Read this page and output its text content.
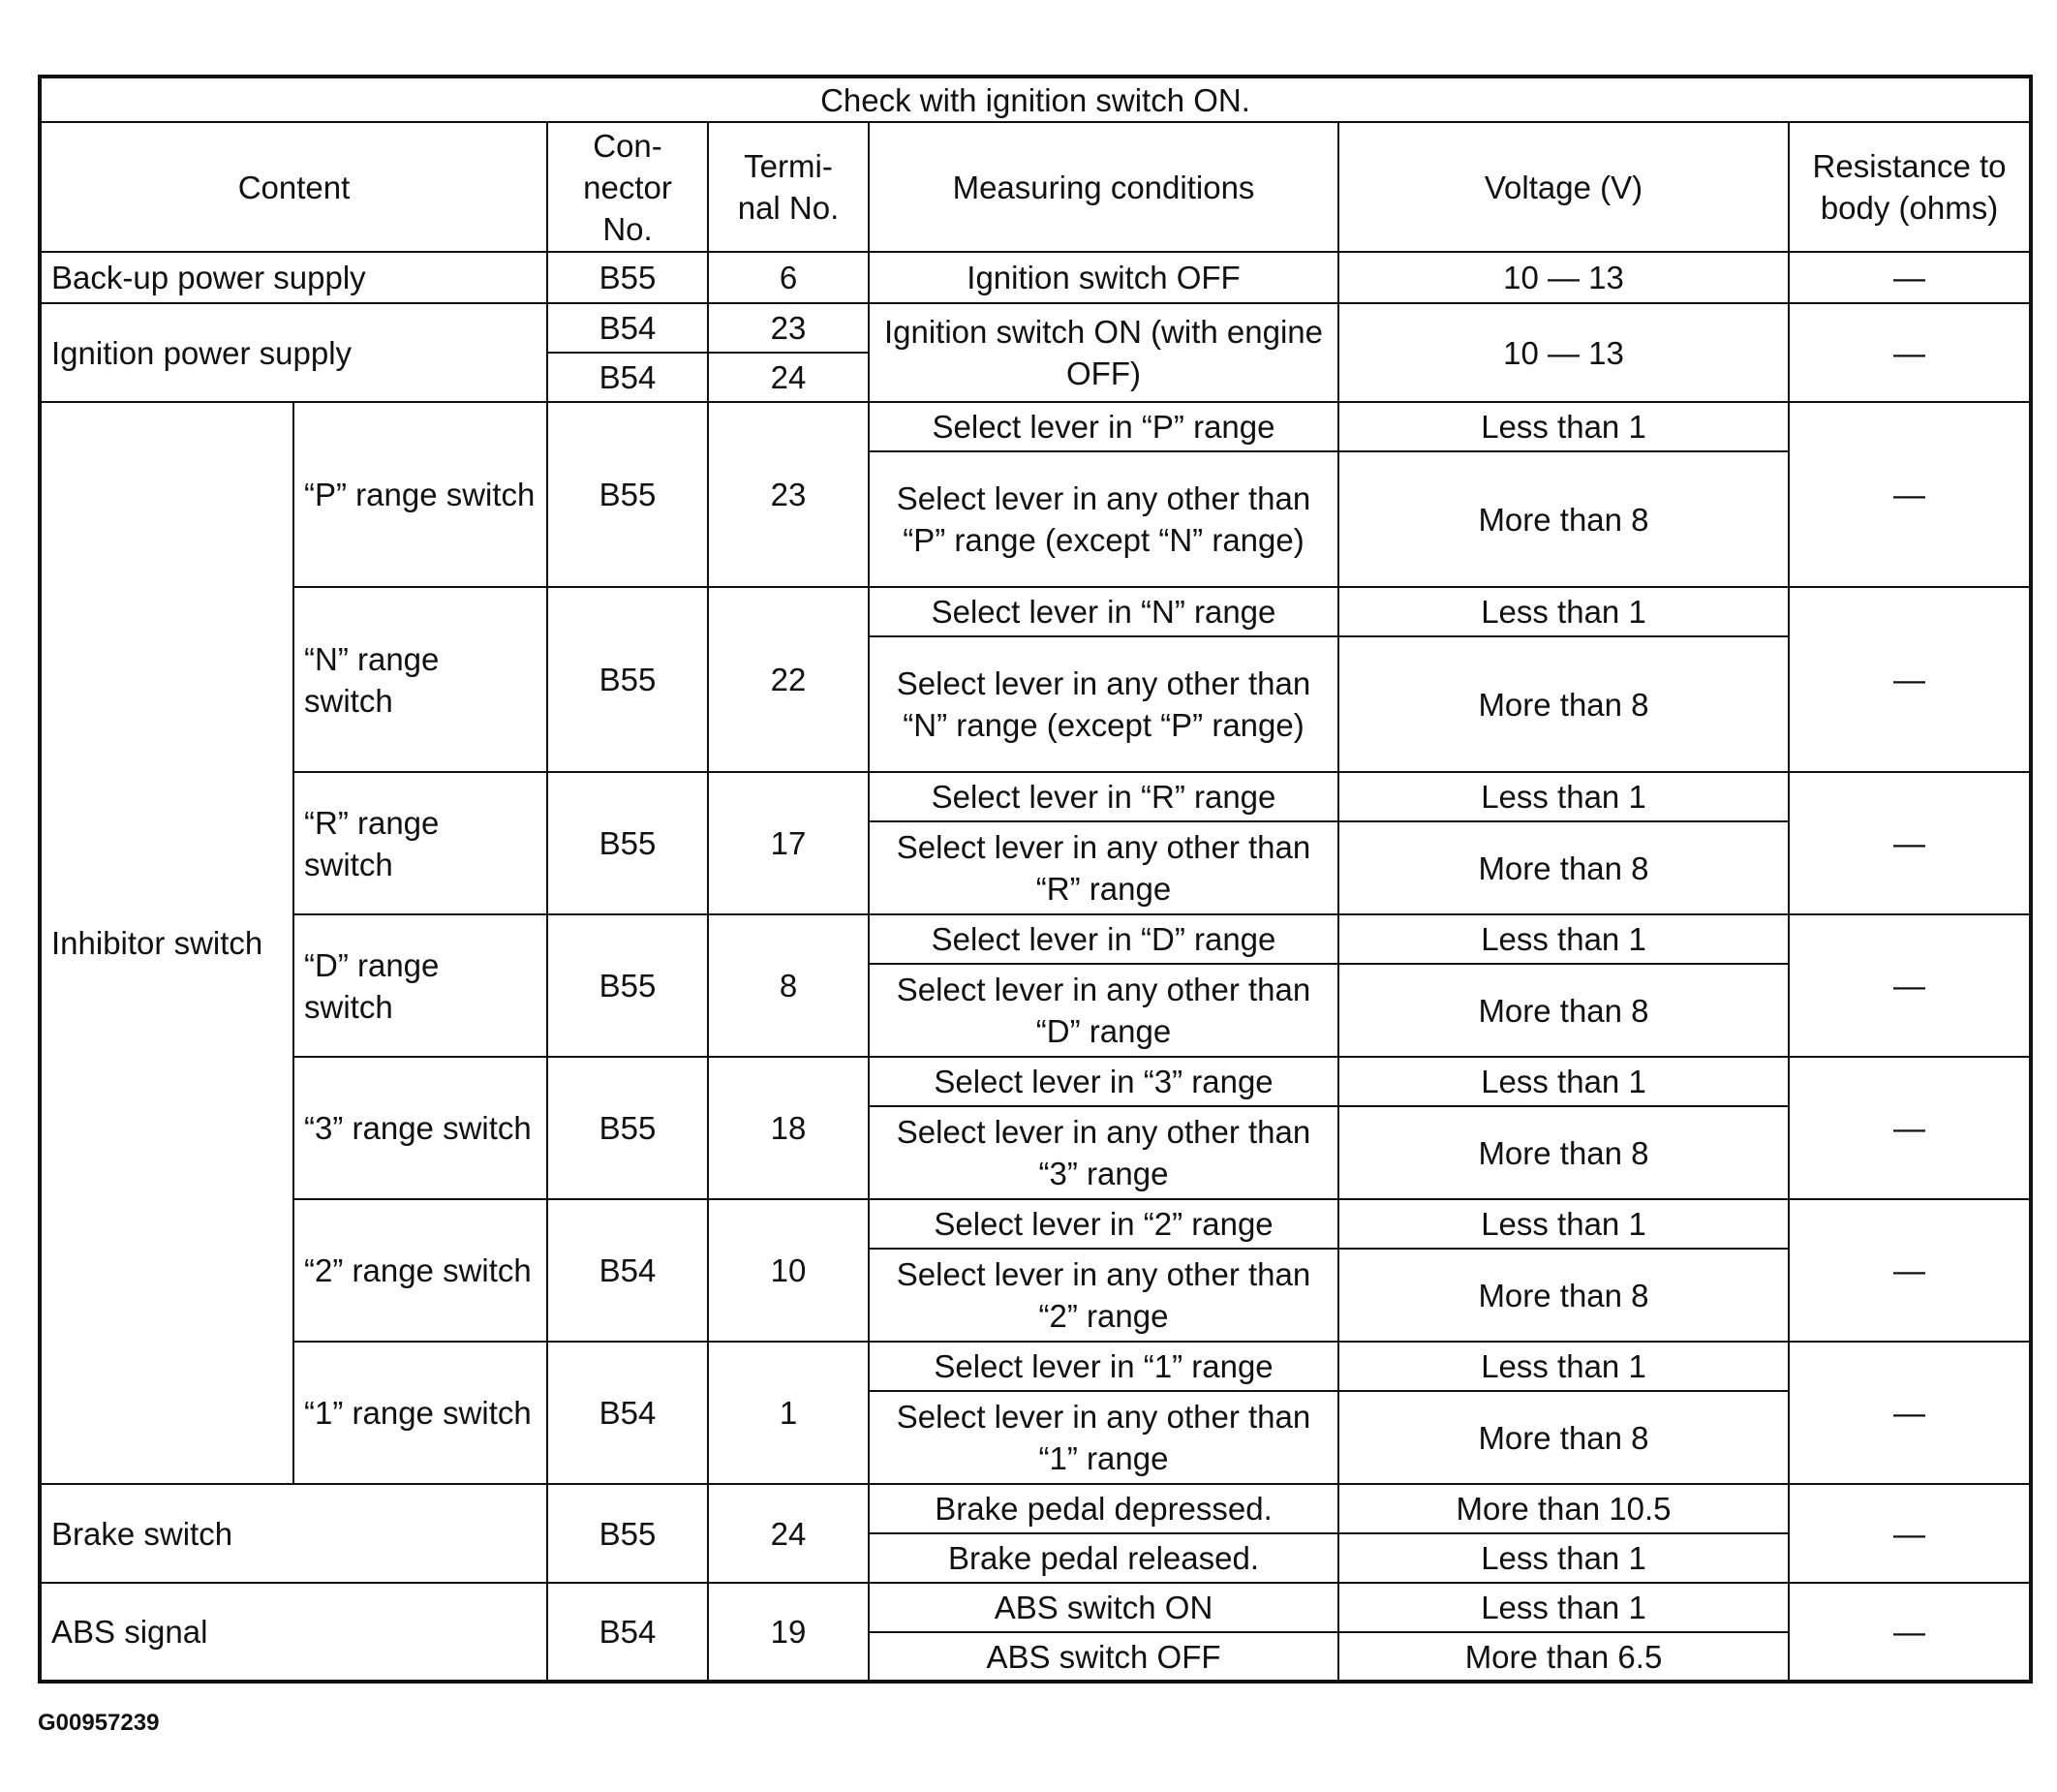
Check with ignition switch ON.						
Content		Con-
nector
No.	Termi-
nal No.	Measuring conditions	Voltage (V)	Resistance to
body (ohms)
Back-up power supply		B55	6	Ignition switch OFF	10 — 13	—
Ignition power supply		B54	23	Ignition switch ON (with engine OFF)	10 — 13	—
		B54	24			
Inhibitor switch	“P” range switch	B55	23	Select lever in “P” range	Less than 1	—
				Select lever in any other than “P” range (except “N” range)	More than 8	
	“N” range switch	B55	22	Select lever in “N” range	Less than 1	—
				Select lever in any other than “N” range (except “P” range)	More than 8	
	“R” range switch	B55	17	Select lever in “R” range	Less than 1	—
				Select lever in any other than “R” range	More than 8	
	“D” range switch	B55	8	Select lever in “D” range	Less than 1	—
				Select lever in any other than “D” range	More than 8	
	“3” range switch	B55	18	Select lever in “3” range	Less than 1	—
				Select lever in any other than “3” range	More than 8	
	“2” range switch	B54	10	Select lever in “2” range	Less than 1	—
				Select lever in any other than “2” range	More than 8	
	“1” range switch	B54	1	Select lever in “1” range	Less than 1	—
				Select lever in any other than “1” range	More than 8	
Brake switch		B55	24	Brake pedal depressed.	More than 10.5	—
				Brake pedal released.	Less than 1	
ABS signal		B54	19	ABS switch ON	Less than 1	—
				ABS switch OFF	More than 6.5	
G00957239
